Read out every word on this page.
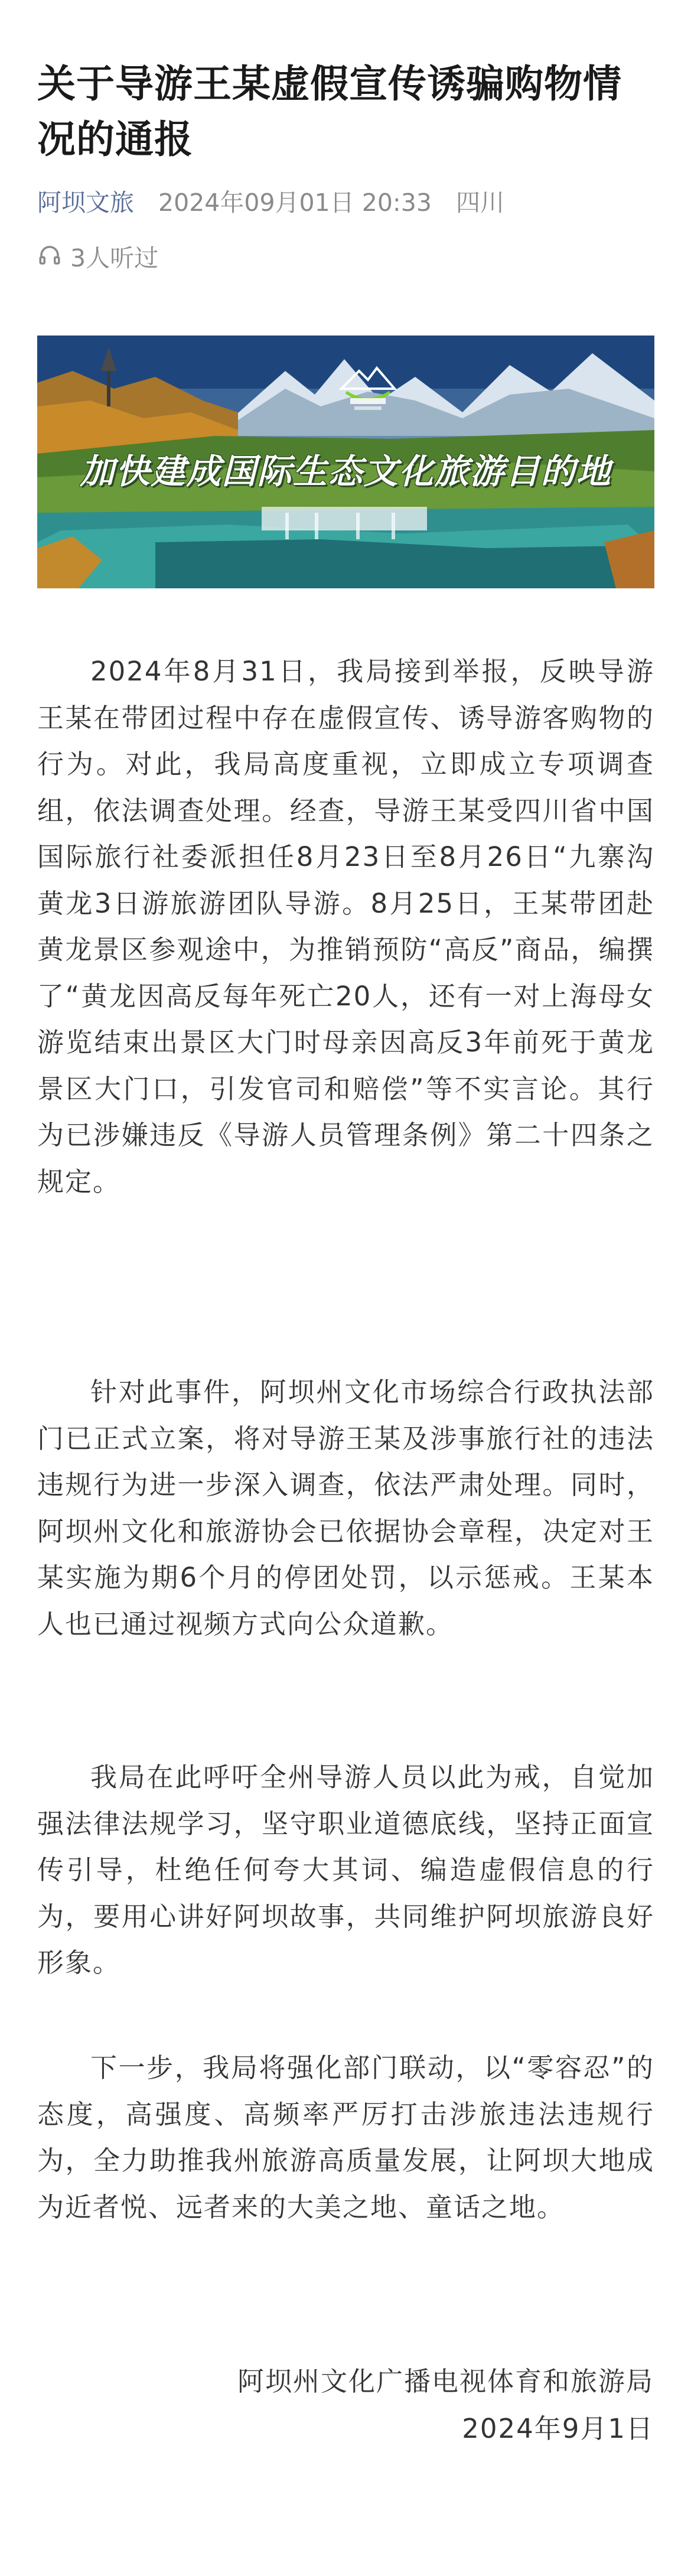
关于导游王某虚假宣传诱骗购物情况的通报
阿坝文旅 2024年09月01日 20:33 四川
3人听过
加快建成国际生态文化旅游目的地

2024年8月31日，我局接到举报，反映导游王某在带团过程中存在虚假宣传、诱导游客购物的行为。对此，我局高度重视，立即成立专项调查组，依法调查处理。经查，导游王某受四川省中国国际旅行社委派担任8月23日至8月26日“九寨沟黄龙3日游旅游团队导游。8月25日，王某带团赴黄龙景区参观途中，为推销预防“高反”商品，编撰了“黄龙因高反每年死亡20人，还有一对上海母女游览结束出景区大门时母亲因高反3年前死于黄龙景区大门口，引发官司和赔偿”等不实言论。其行为已涉嫌违反《导游人员管理条例》第二十四条之规定。

针对此事件，阿坝州文化市场综合行政执法部门已正式立案，将对导游王某及涉事旅行社的违法违规行为进一步深入调查，依法严肃处理。同时，阿坝州文化和旅游协会已依据协会章程，决定对王某实施为期6个月的停团处罚，以示惩戒。王某本人也已通过视频方式向公众道歉。

我局在此呼吁全州导游人员以此为戒，自觉加强法律法规学习，坚守职业道德底线，坚持正面宣传引导，杜绝任何夸大其词、编造虚假信息的行为，要用心讲好阿坝故事，共同维护阿坝旅游良好形象。

下一步，我局将强化部门联动，以“零容忍”的态度，高强度、高频率严厉打击涉旅违法违规行为，全力助推我州旅游高质量发展，让阿坝大地成为近者悦、远者来的大美之地、童话之地。

阿坝州文化广播电视体育和旅游局
2024年9月1日
